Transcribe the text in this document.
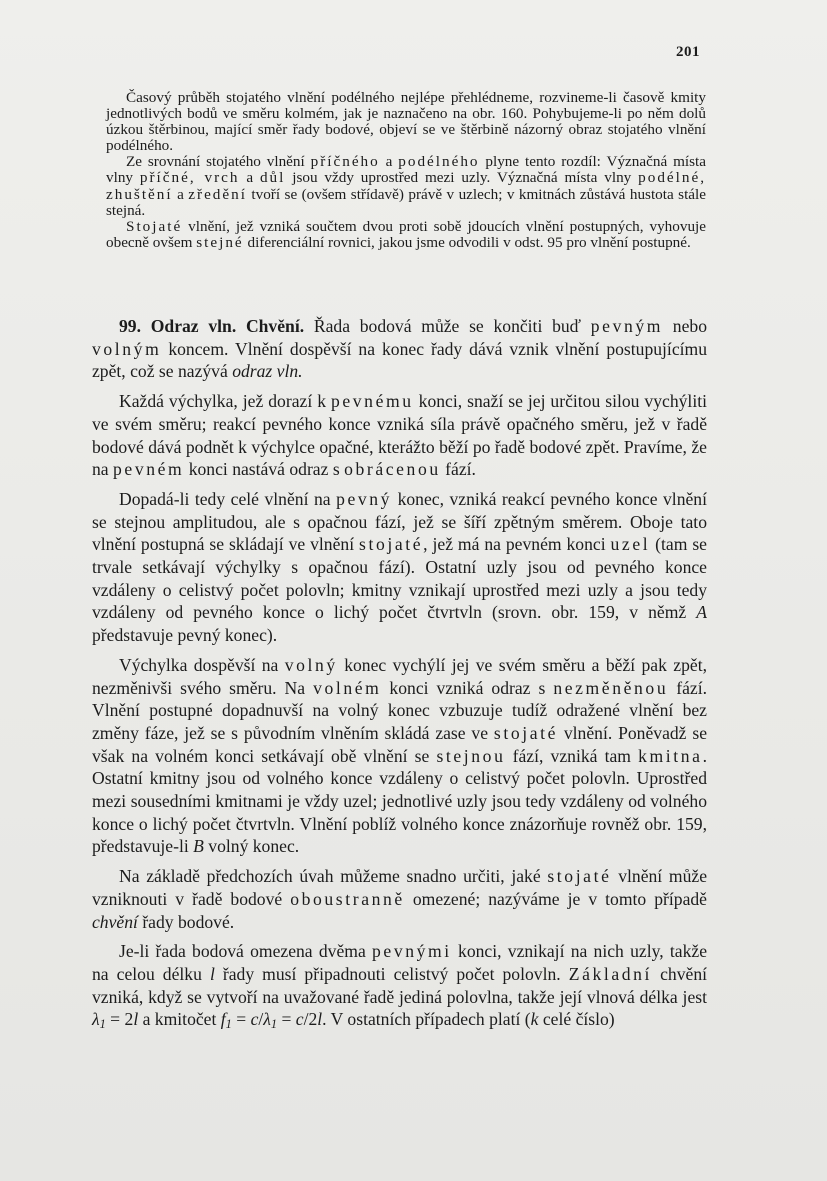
201

Časový průběh stojatého vlnění podélného nejlépe přehlédneme, rozvineme-li časově kmity jednotlivých bodů ve směru kolmém, jak je naznačeno na obr. 160. Pohybujeme-li po něm dolů úzkou štěrbinou, mající směr řady bodové, objeví se ve štěrbině názorný obraz stojatého vlnění podélného.

Ze srovnání stojatého vlnění příčného a podélného plyne tento rozdíl: Význačná místa vlny příčné, vrch a důl jsou vždy uprostřed mezi uzly. Význačná místa vlny podélné, zhuštění a zředění tvoří se (ovšem střídavě) právě v uzlech; v kmitnách zůstává hustota stále stejná.

Stojaté vlnění, jež vzniká součtem dvou proti sobě jdoucích vlnění postupných, vyhovuje obecně ovšem stejné diferenciální rovnici, jakou jsme odvodili v odst. 95 pro vlnění postupné.

99. Odraz vln. Chvění. Řada bodová může se končiti buď pevným nebo volným koncem. Vlnění dospěvší na konec řady dává vznik vlnění postupujícímu zpět, což se nazývá odraz vln.

Každá výchylka, jež dorazí k pevnému konci, snaží se jej určitou silou vychýliti ve svém směru; reakcí pevného konce vzniká síla právě opačného směru, jež v řadě bodové dává podnět k výchylce opačné, kterážto běží po řadě bodové zpět. Pravíme, že na pevném konci nastává odraz s obrácenou fází.

Dopadá-li tedy celé vlnění na pevný konec, vzniká reakcí pevného konce vlnění se stejnou amplitudou, ale s opačnou fází, jež se šíří zpětným směrem. Oboje tato vlnění postupná se skládají ve vlnění stojaté, jež má na pevném konci uzel (tam se trvale setkávají výchylky s opačnou fází). Ostatní uzly jsou od pevného konce vzdáleny o celistvý počet polovln; kmitny vznikají uprostřed mezi uzly a jsou tedy vzdáleny od pevného konce o lichý počet čtvrtvln (srovn. obr. 159, v němž A představuje pevný konec).

Výchylka dospěvší na volný konec vychýlí jej ve svém směru a běží pak zpět, nezměnivši svého směru. Na volném konci vzniká odraz s nezměněnou fází. Vlnění postupné dopadnuvší na volný konec vzbuzuje tudíž odražené vlnění bez změny fáze, jež se s původním vlněním skládá zase ve stojaté vlnění. Poněvadž se však na volném konci setkávají obě vlnění se stejnou fází, vzniká tam kmitna. Ostatní kmitny jsou od volného konce vzdáleny o celistvý počet polovln. Uprostřed mezi sousedními kmitnami je vždy uzel; jednotlivé uzly jsou tedy vzdáleny od volného konce o lichý počet čtvrtvln. Vlnění poblíž volného konce znázorňuje rovněž obr. 159, představuje-li B volný konec.

Na základě předchozích úvah můžeme snadno určiti, jaké stojaté vlnění může vzniknouti v řadě bodové oboustranně omezené; nazýváme je v tomto případě chvění řady bodové.

Je-li řada bodová omezena dvěma pevnými konci, vznikají na nich uzly, takže na celou délku l řady musí připadnouti celistvý počet polovln. Základní chvění vzniká, když se vytvoří na uvažované řadě jediná polovlna, takže její vlnová délka jest $\lambda_1 = 2l$ a kmitočet $f_1 = c/\lambda_1 = c/2l$. V ostatních případech platí (k celé číslo)
